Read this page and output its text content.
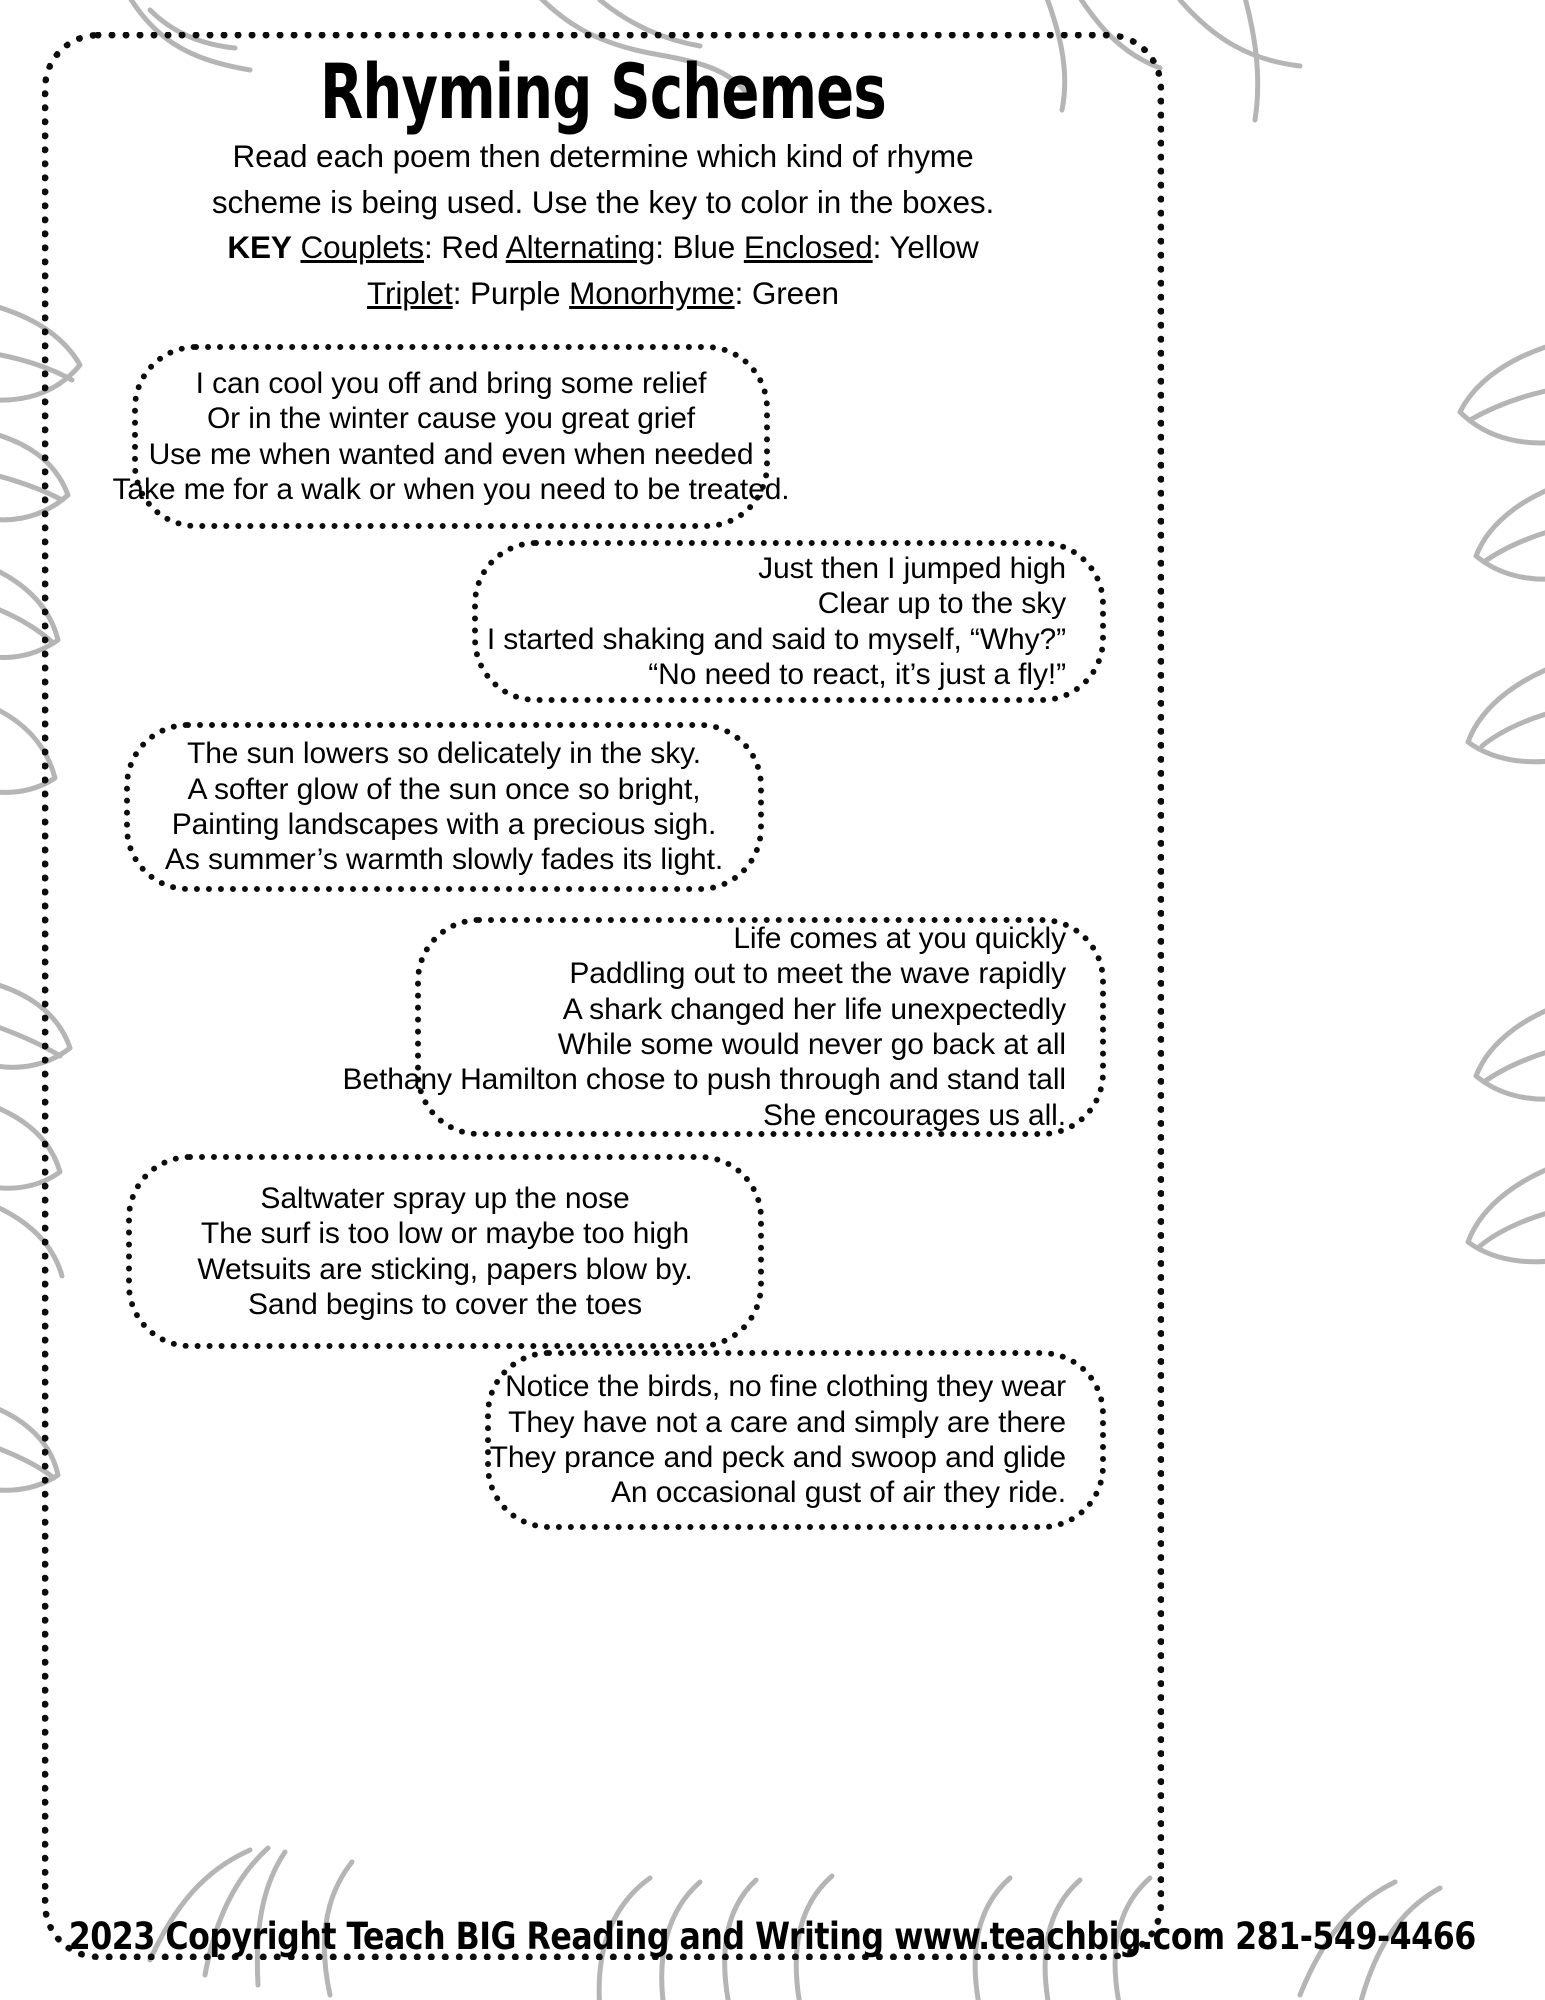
Rhyming Schemes
Read each poem then determine which kind of rhyme
scheme is being used. Use the key to color in the boxes.
KEY Couplets: Red Alternating: Blue Enclosed: Yellow
Triplet: Purple Monorhyme: Green
I can cool you off and bring some relief
Or in the winter cause you great grief
Use me when wanted and even when needed
Take me for a walk or when you need to be treated.
Just then I jumped high
Clear up to the sky
I started shaking and said to myself, “Why?”
“No need to react, it’s just a fly!”
The sun lowers so delicately in the sky.
A softer glow of the sun once so bright,
Painting landscapes with a precious sigh.
As summer’s warmth slowly fades its light.
Life comes at you quickly
Paddling out to meet the wave rapidly
A shark changed her life unexpectedly
While some would never go back at all
Bethany Hamilton chose to push through and stand tall
She encourages us all.
Saltwater spray up the nose
The surf is too low or maybe too high
Wetsuits are sticking, papers blow by.
Sand begins to cover the toes
Notice the birds, no fine clothing they wear
They have not a care and simply are there
They prance and peck and swoop and glide
An occasional gust of air they ride.
2023 Copyright Teach BIG Reading and Writing www.teachbig.com 281-549-4466
